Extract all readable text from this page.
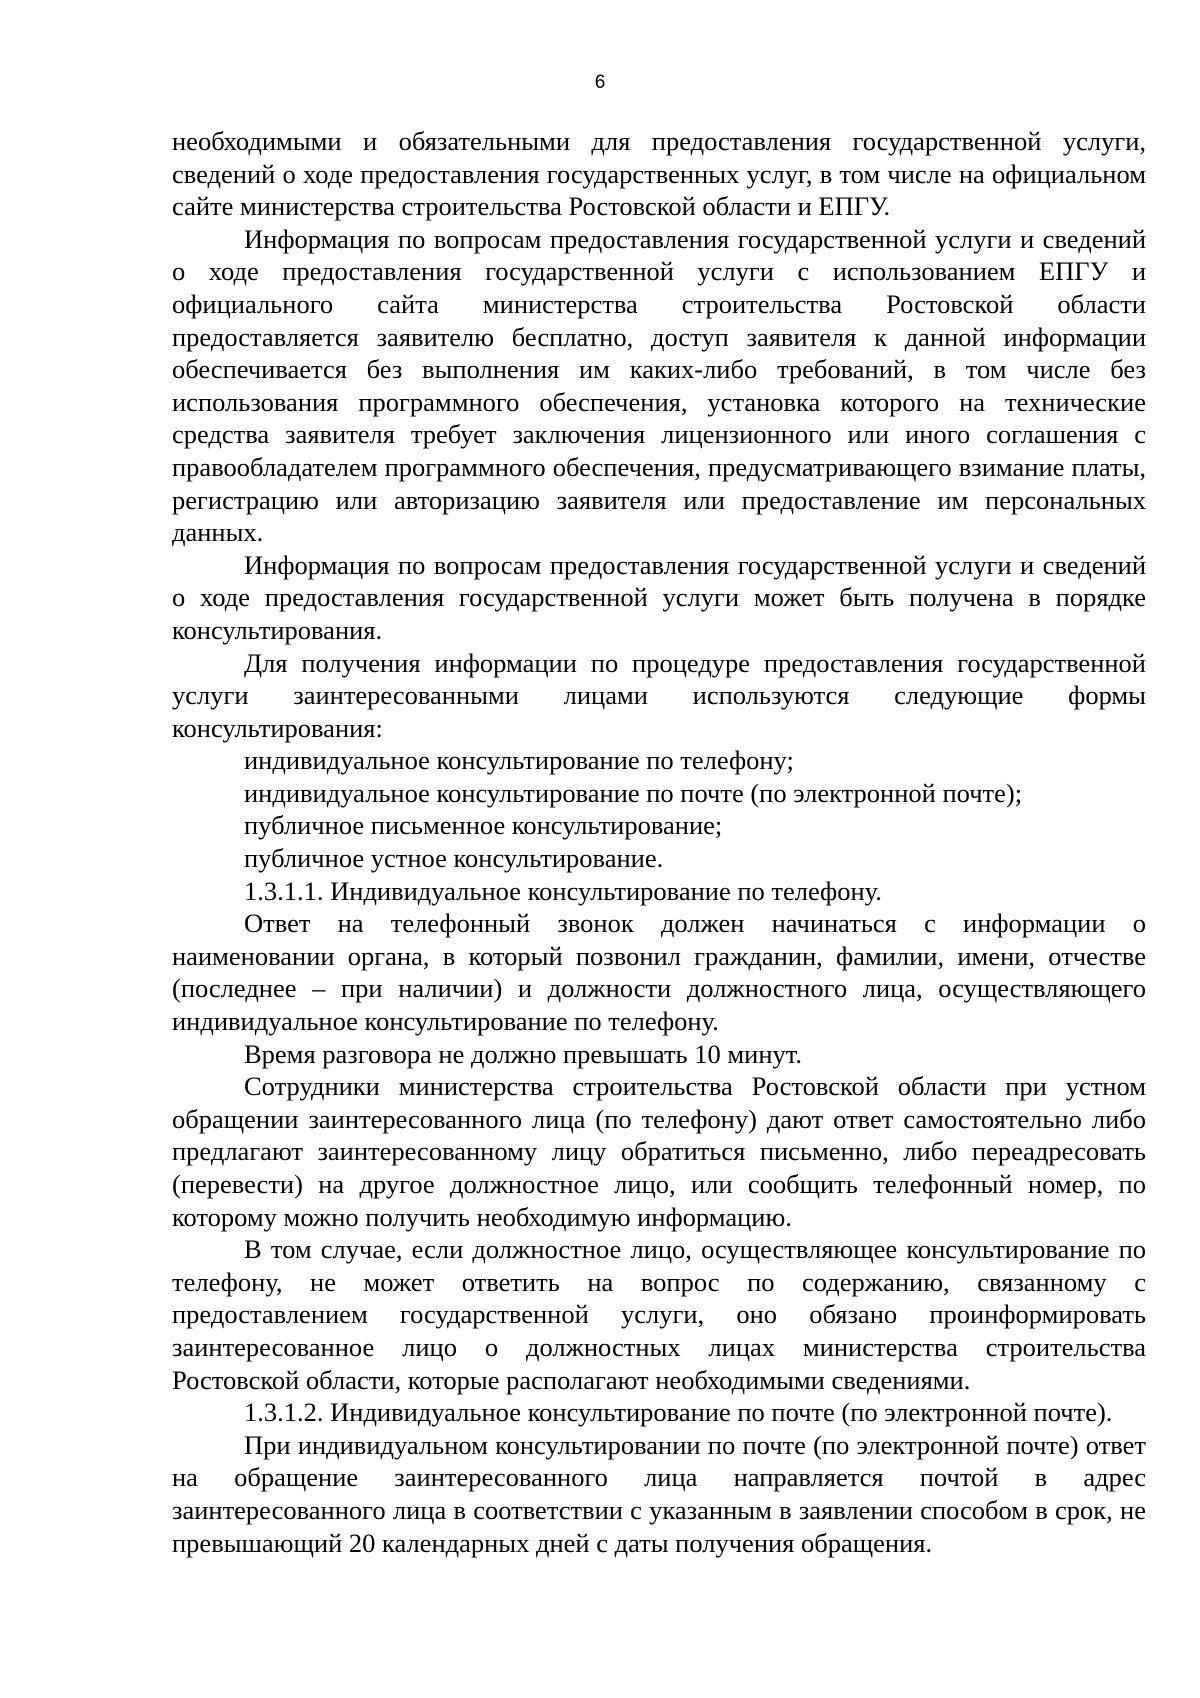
6

необходимыми и обязательными для предоставления государственной услуги, сведений о ходе предоставления государственных услуг, в том числе на официальном сайте министерства строительства Ростовской области и ЕПГУ.

Информация по вопросам предоставления государственной услуги и сведений о ходе предоставления государственной услуги с использованием ЕПГУ и официального сайта министерства строительства Ростовской области предоставляется заявителю бесплатно, доступ заявителя к данной информации обеспечивается без выполнения им каких-либо требований, в том числе без использования программного обеспечения, установка которого на технические средства заявителя требует заключения лицензионного или иного соглашения с правообладателем программного обеспечения, предусматривающего взимание платы, регистрацию или авторизацию заявителя или предоставление им персональных данных.

Информация по вопросам предоставления государственной услуги и сведений о ходе предоставления государственной услуги может быть получена в порядке консультирования.

Для получения информации по процедуре предоставления государственной услуги заинтересованными лицами используются следующие формы консультирования:

индивидуальное консультирование по телефону;

индивидуальное консультирование по почте (по электронной почте);

публичное письменное консультирование;

публичное устное консультирование.

1.3.1.1. Индивидуальное консультирование по телефону.

Ответ на телефонный звонок должен начинаться с информации о наименовании органа, в который позвонил гражданин, фамилии, имени, отчестве (последнее – при наличии) и должности должностного лица, осуществляющего индивидуальное консультирование по телефону.

Время разговора не должно превышать 10 минут.

Сотрудники министерства строительства Ростовской области при устном обращении заинтересованного лица (по телефону) дают ответ самостоятельно либо предлагают заинтересованному лицу обратиться письменно, либо переадресовать (перевести) на другое должностное лицо, или сообщить телефонный номер, по которому можно получить необходимую информацию.

В том случае, если должностное лицо, осуществляющее консультирование по телефону, не может ответить на вопрос по содержанию, связанному с предоставлением государственной услуги, оно обязано проинформировать заинтересованное лицо о должностных лицах министерства строительства Ростовской области, которые располагают необходимыми сведениями.

1.3.1.2. Индивидуальное консультирование по почте (по электронной почте).

При индивидуальном консультировании по почте (по электронной почте) ответ на обращение заинтересованного лица направляется почтой в адрес заинтересованного лица в соответствии с указанным в заявлении способом в срок, не превышающий 20 календарных дней с даты получения обращения.
